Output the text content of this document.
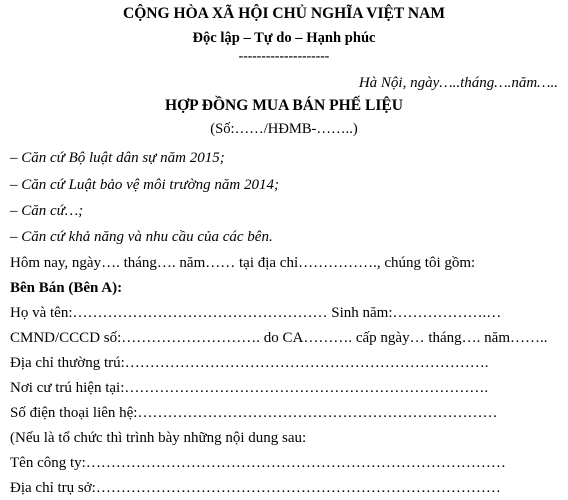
CỘNG HÒA XÃ HỘI CHỦ NGHĨA VIỆT NAM
Độc lập – Tự do – Hạnh phúc
--------------------
Hà Nội, ngày…..tháng….năm…..
HỢP ĐỒNG MUA BÁN PHẾ LIỆU
(Số:……/HĐMB-……..)
– Căn cứ Bộ luật dân sự năm 2015;
– Căn cứ Luật bảo vệ môi trường năm 2014;
– Căn cứ…;
– Căn cứ khả năng và nhu cầu của các bên.
Hôm nay, ngày…. tháng…. năm…… tại địa chỉ……………., chúng tôi gồm:
Bên Bán (Bên A):
Họ và tên:…………………………………………… Sinh năm:……………….…
CMND/CCCD số:………………………. do CA………. cấp ngày… tháng…. năm……..
Địa chỉ thường trú:……………………………………………………………….
Nơi cư trú hiện tại:……………………………………………………………….
Số điện thoại liên hệ:………………………………………………………………
(Nếu là tổ chức thì trình bày những nội dung sau:
Tên công ty:…………………………………………………………………………
Địa chỉ trụ sở:………………………………………………………………………
